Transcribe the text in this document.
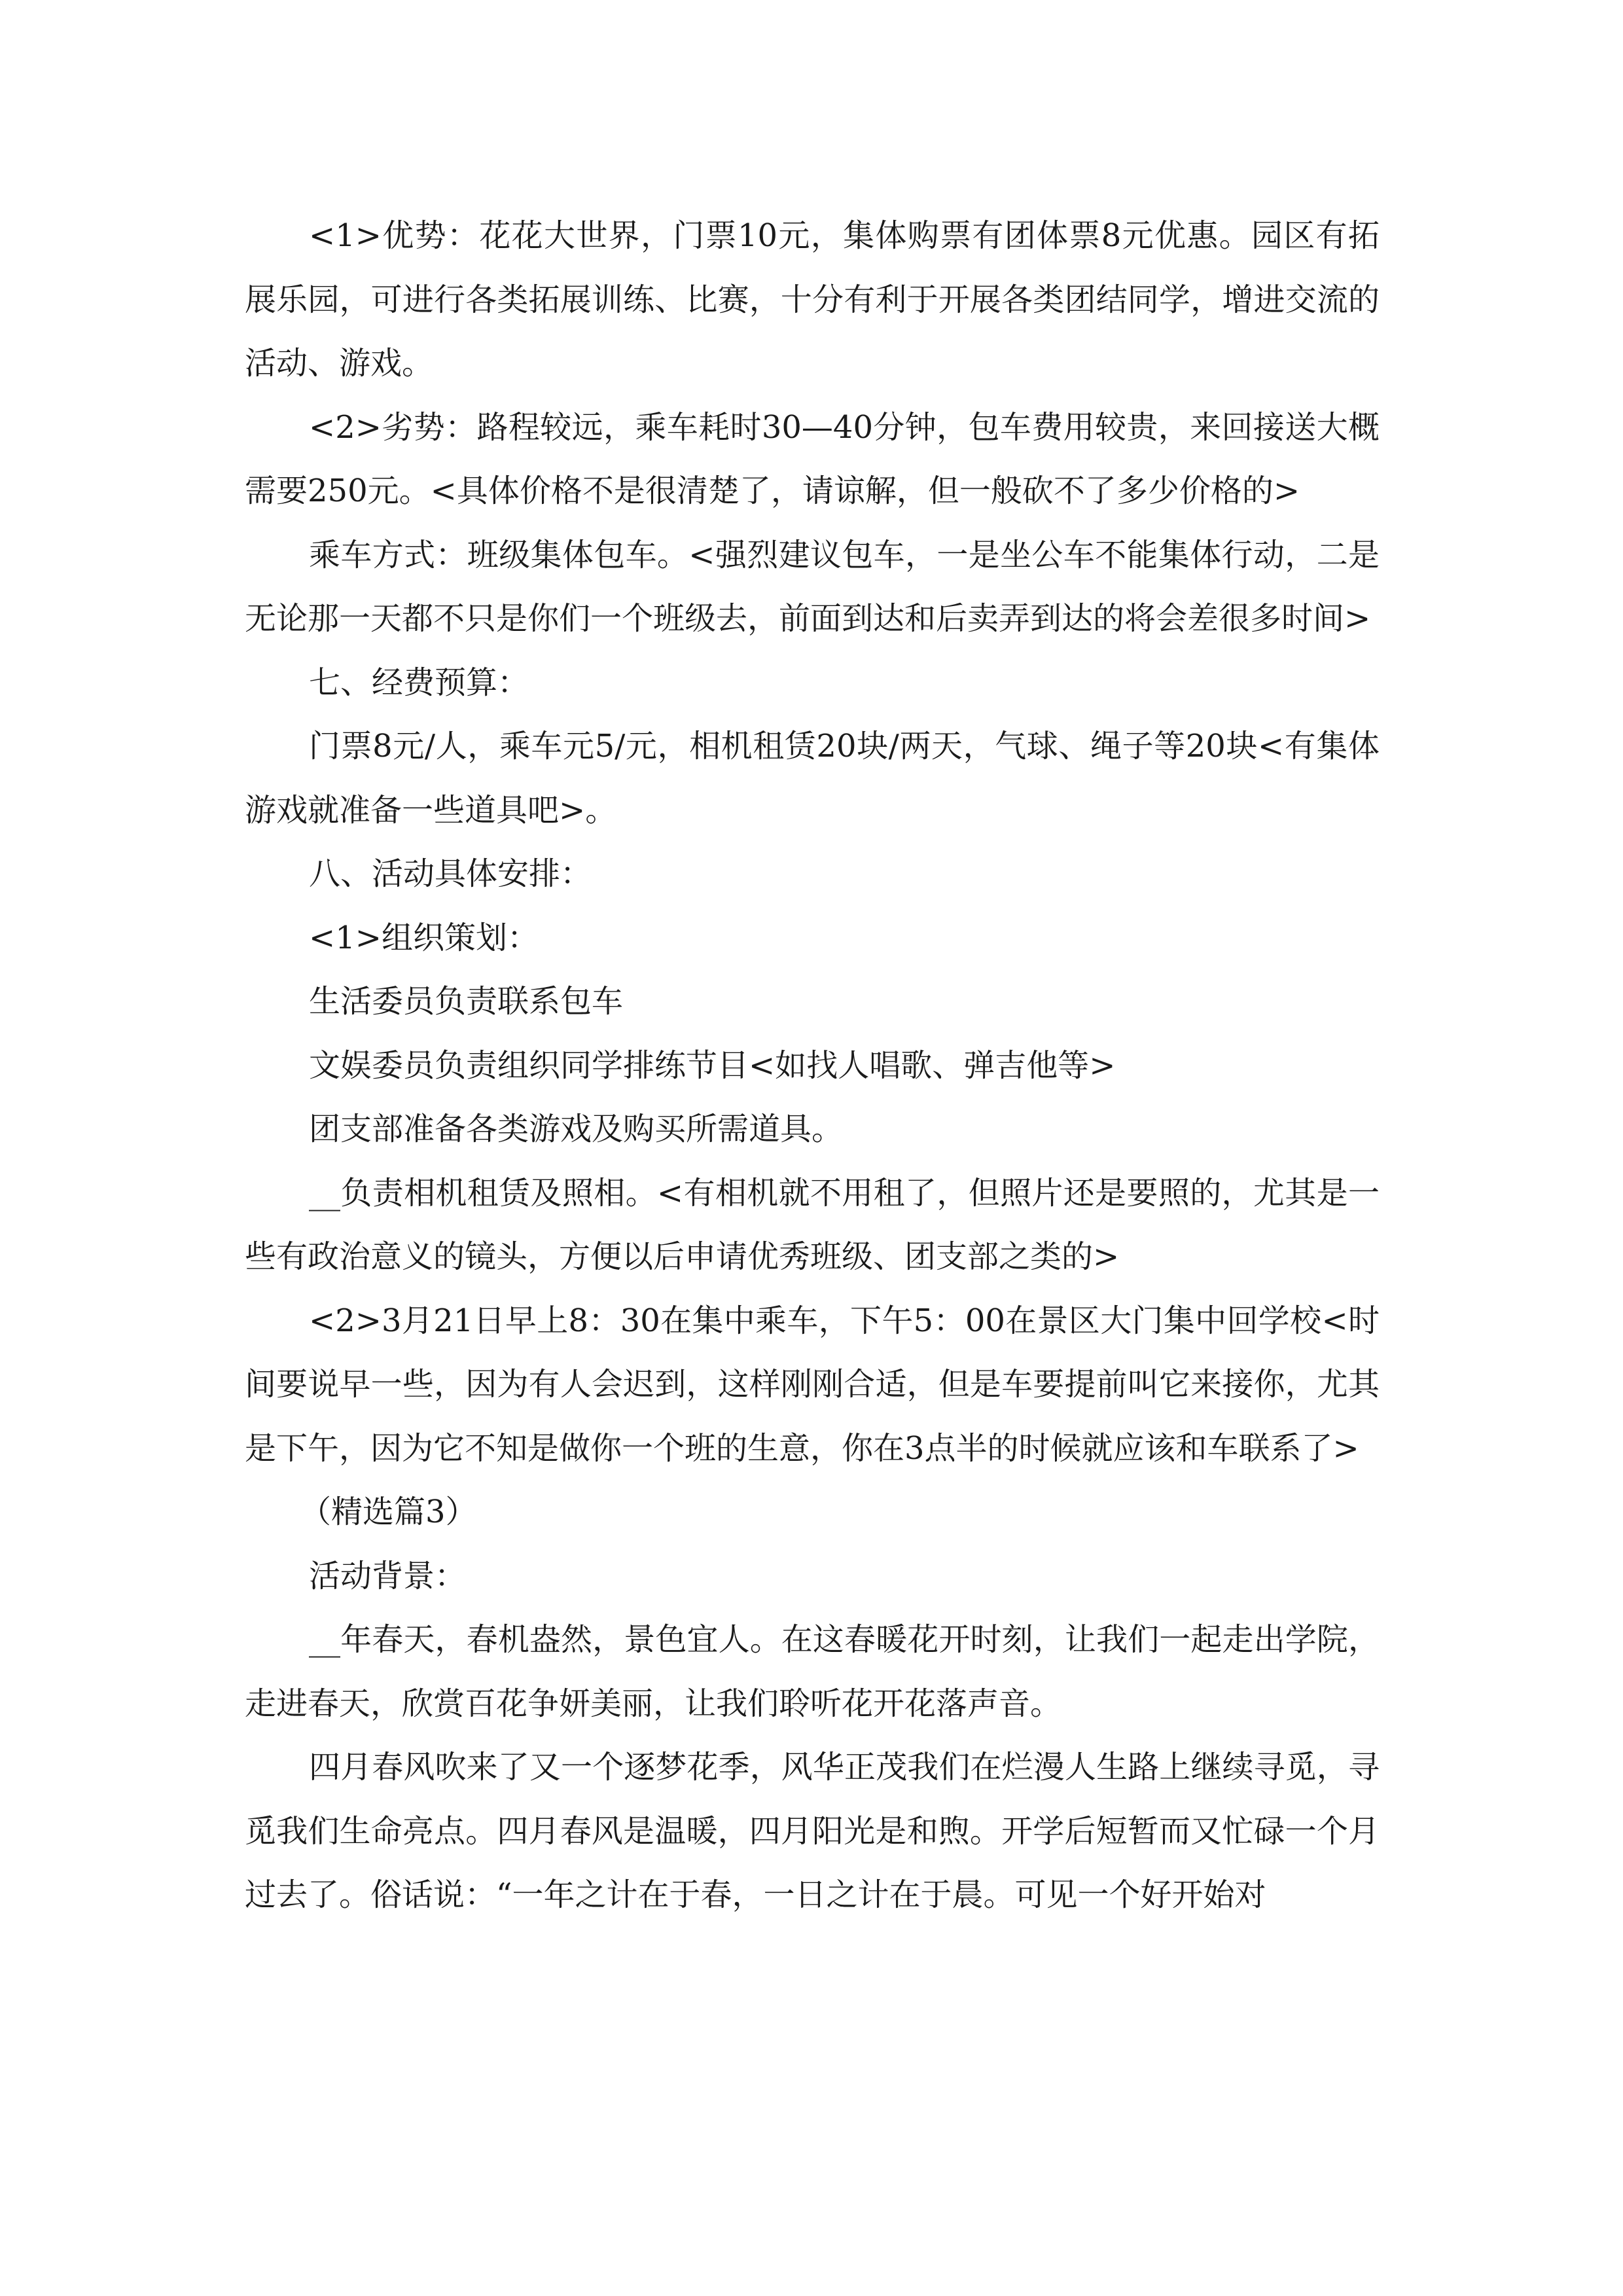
<1>优势：花花大世界，门票10元，集体购票有团体票8元优惠。园区有拓展乐园，可进行各类拓展训练、比赛，十分有利于开展各类团结同学，增进交流的活动、游戏。

<2>劣势：路程较远，乘车耗时30—40分钟，包车费用较贵，来回接送大概需要250元。<具体价格不是很清楚了，请谅解，但一般砍不了多少价格的>

乘车方式：班级集体包车。<强烈建议包车，一是坐公车不能集体行动，二是无论那一天都不只是你们一个班级去，前面到达和后卖弄到达的将会差很多时间>

七、经费预算：

门票8元/人，乘车元5/元，相机租赁20块/两天，气球、绳子等20块<有集体游戏就准备一些道具吧>。

八、活动具体安排：

<1>组织策划：

生活委员负责联系包车

文娱委员负责组织同学排练节目<如找人唱歌、弹吉他等>

团支部准备各类游戏及购买所需道具。

__负责相机租赁及照相。<有相机就不用租了，但照片还是要照的，尤其是一些有政治意义的镜头，方便以后申请优秀班级、团支部之类的>

<2>3月21日早上8：30在集中乘车，下午5：00在景区大门集中回学校<时间要说早一些，因为有人会迟到，这样刚刚合适，但是车要提前叫它来接你，尤其是下午，因为它不知是做你一个班的生意，你在3点半的时候就应该和车联系了>

（精选篇3）

活动背景：

__年春天，春机盎然，景色宜人。在这春暖花开时刻，让我们一起走出学院，走进春天，欣赏百花争妍美丽，让我们聆听花开花落声音。

四月春风吹来了又一个逐梦花季，风华正茂我们在烂漫人生路上继续寻觅，寻觅我们生命亮点。四月春风是温暖，四月阳光是和煦。开学后短暂而又忙碌一个月过去了。俗话说：“一年之计在于春，一日之计在于晨。可见一个好开始对
